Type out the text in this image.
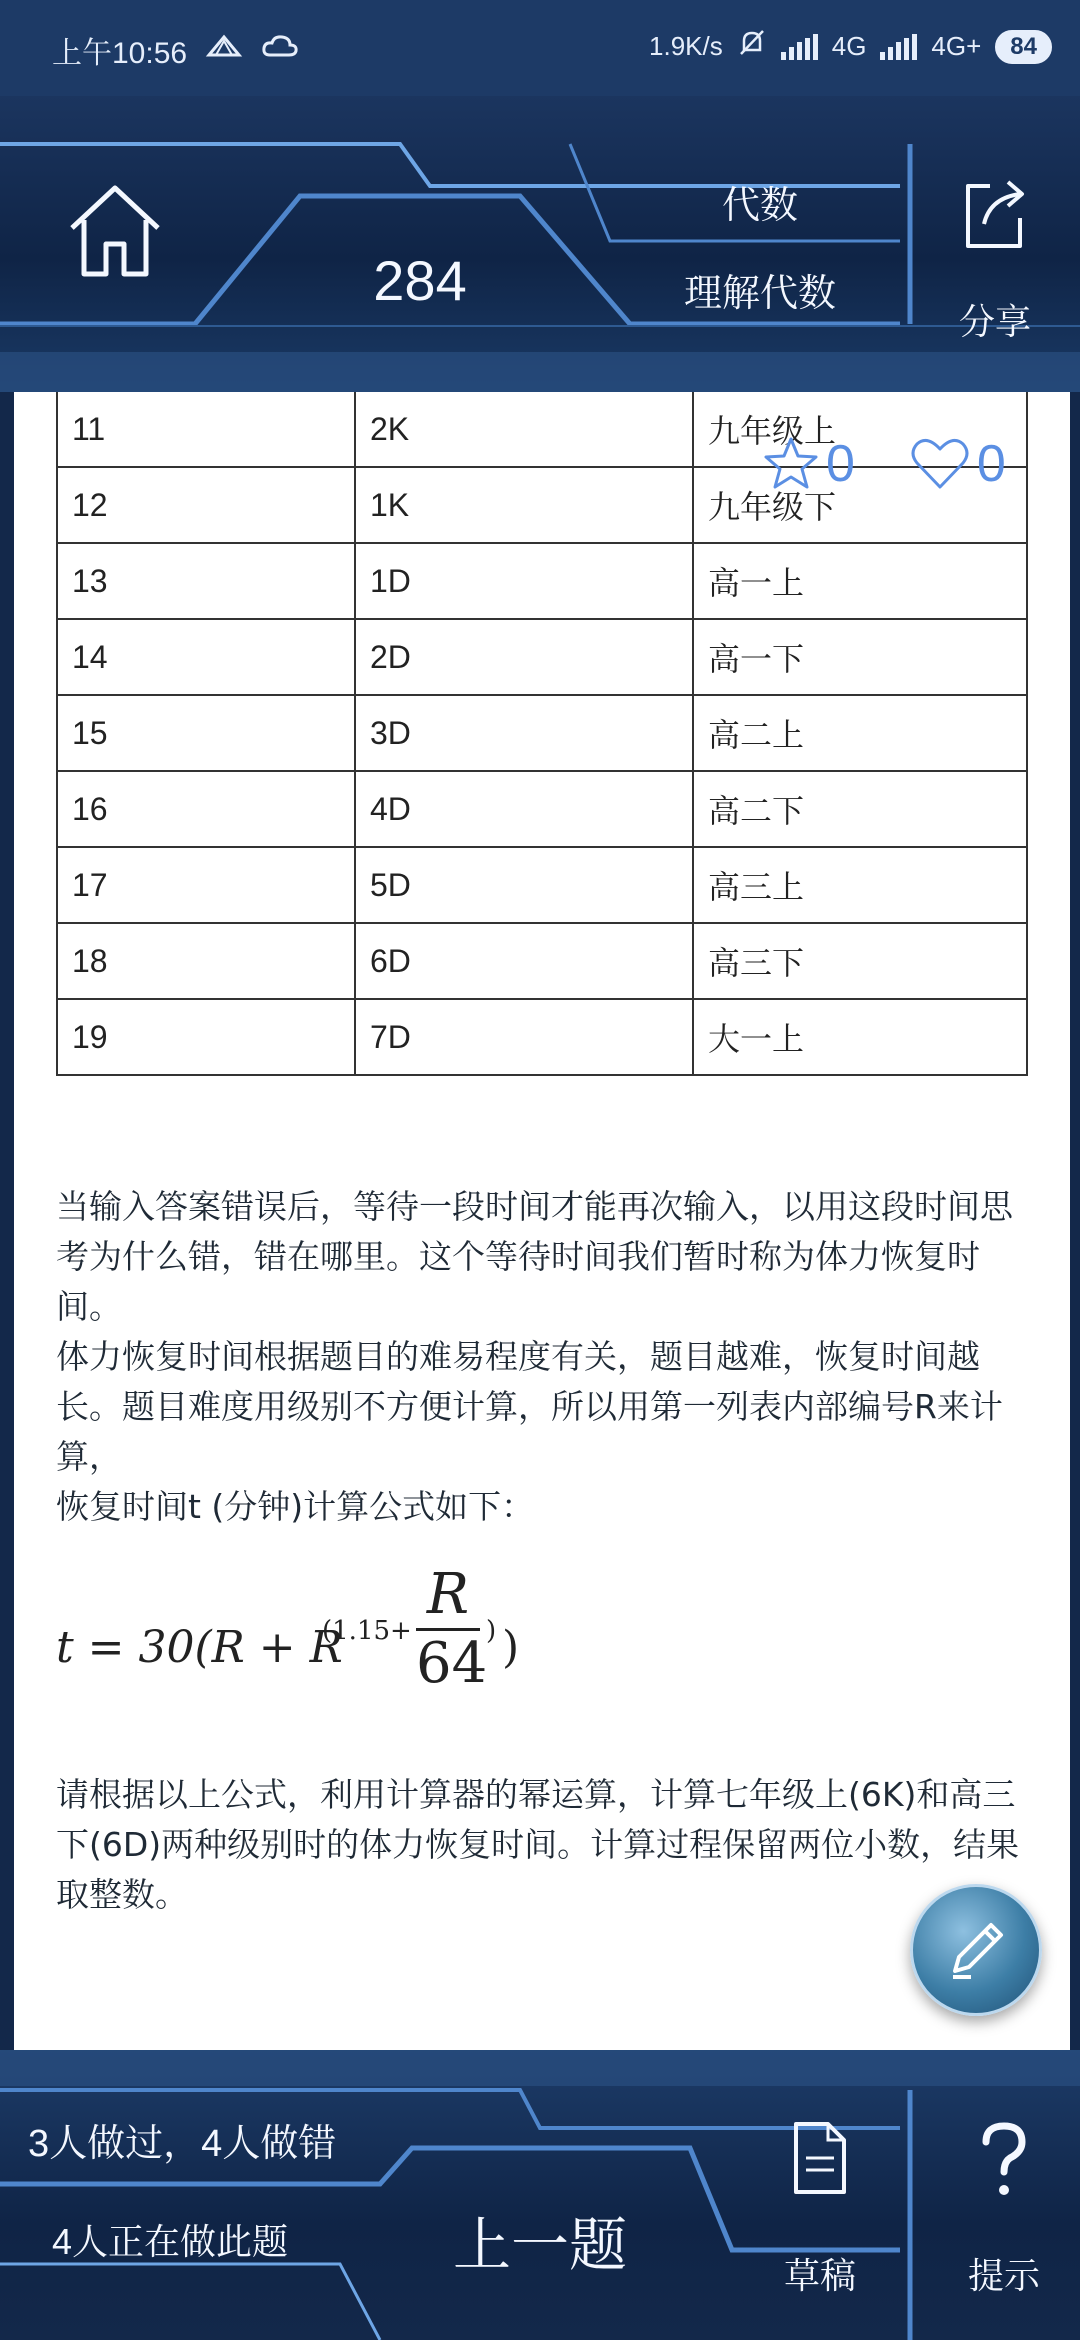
上午10:56	1.9K/s	4G	4G+	84
284
代数
理解代数
分享
11	2K	九年级上
12	1K	九年级下
13	1D	高一上
14	2D	高一下
15	3D	高二上
16	4D	高二下
17	5D	高三上
18	6D	高三下
19	7D	大一上
0 0
当输入答案错误后，等待一段时间才能再次输入，以用这段时间思考为什么错，错在哪里。这个等待时间我们暂时称为体力恢复时间。
体力恢复时间根据题目的难易程度有关，题目越难，恢复时间越长。题目难度用级别不方便计算，所以用第一列表内部编号R来计算，
恢复时间t (分钟)计算公式如下：
t = 30(R + R
(1.15+
R
64
) )
请根据以上公式，利用计算器的幂运算，计算七年级上(6K)和高三下(6D)两种级别时的体力恢复时间。计算过程保留两位小数，结果取整数。
3人做过，4人做错
4人正在做此题	上一题	草稿	提示
